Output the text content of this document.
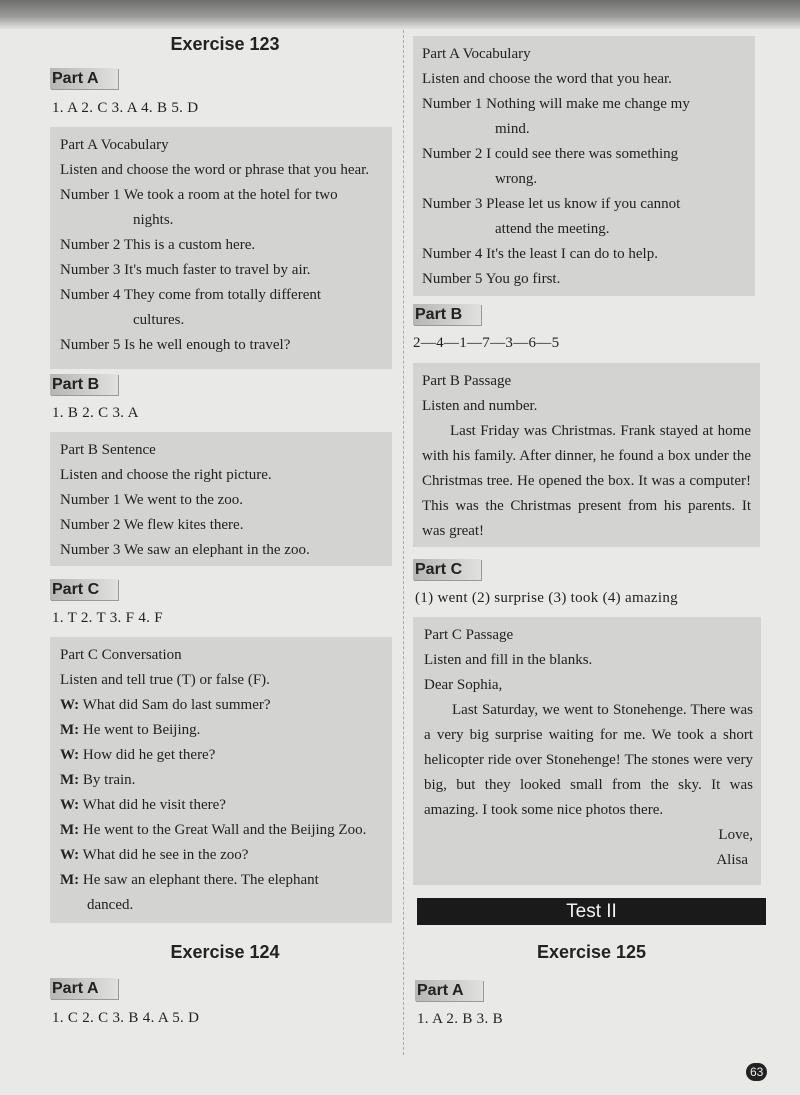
Exercise 123
Part A
1. A 2. C 3. A 4. B 5. D

Part A Vocabulary

Listen and choose the word or phrase that you hear.

Number 1 We took a room at the hotel for two

nights.

Number 2 This is a custom here.

Number 3 It's much faster to travel by air.

Number 4 They come from totally different

cultures.

Number 5 Is he well enough to travel?

Part B
1. B 2. C 3. A

Part B Sentence

Listen and choose the right picture.

Number 1 We went to the zoo.

Number 2 We flew kites there.

Number 3 We saw an elephant in the zoo.

Part C
1. T 2. T 3. F 4. F

Part C Conversation

Listen and tell true (T) or false (F).

W: What did Sam do last summer?

M: He went to Beijing.

W: How did he get there?

M: By train.

W: What did he visit there?

M: He went to the Great Wall and the Beijing Zoo.

W: What did he see in the zoo?

M: He saw an elephant there. The elephant

danced.

Exercise 124
Part A
1. C 2. C 3. B 4. A 5. D

Part A Vocabulary

Listen and choose the word that you hear.

Number 1 Nothing will make me change my

mind.

Number 2 I could see there was something

wrong.

Number 3 Please let us know if you cannot

attend the meeting.

Number 4 It's the least I can do to help.

Number 5 You go first.

Part B
2—4—1—7—3—6—5

Part B Passage

Listen and number.

Last Friday was Christmas. Frank stayed at home with his family. After dinner, he found a box under the Christmas tree. He opened the box. It was a computer! This was the Christmas present from his parents. It was great!

Part C
(1) went (2) surprise (3) took (4) amazing

Part C Passage

Listen and fill in the blanks.

Dear Sophia,

Last Saturday, we went to Stonehenge. There was a very big surprise waiting for me. We took a short helicopter ride over Stonehenge! The stones were very big, but they looked small from the sky. It was amazing. I took some nice photos there.

Love,

Alisa

Test II
Exercise 125
Part A
1. A 2. B 3. B
63
